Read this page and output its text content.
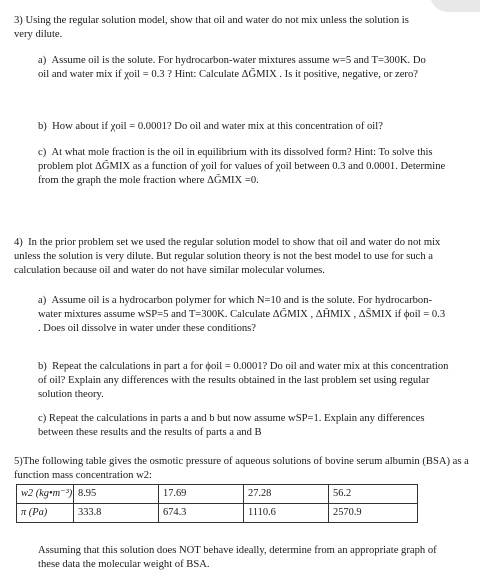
3) Using the regular solution model, show that oil and water do not mix unless the solution is very dilute.
a)  Assume oil is the solute. For hydrocarbon-water mixtures assume w=5 and T=300K. Do oil and water mix if χoil = 0.3 ? Hint: Calculate ΔG̃MIX . Is it positive, negative, or zero?
b)  How about if χoil = 0.0001? Do oil and water mix at this concentration of oil?
c)  At what mole fraction is the oil in equilibrium with its dissolved form? Hint: To solve this problem plot ΔG̃MIX as a function of χoil for values of χoil between 0.3 and 0.0001. Determine from the graph the mole fraction where ΔG̃MIX =0.
4)  In the prior problem set we used the regular solution model to show that oil and water do not mix unless the solution is very dilute. But regular solution theory is not the best model to use for such a calculation because oil and water do not have similar molecular volumes.
a)  Assume oil is a hydrocarbon polymer for which N=10 and is the solute. For hydrocarbon-water mixtures assume wSP=5 and T=300K. Calculate ΔG̃MIX , ΔH̃MIX , ΔS̃MIX if ϕoil = 0.3 . Does oil dissolve in water under these conditions?
b)  Repeat the calculations in part a for ϕoil = 0.0001? Do oil and water mix at this concentration of oil? Explain any differences with the results obtained in the last problem set using regular solution theory.
c) Repeat the calculations in parts a and b but now assume wSP=1. Explain any differences between these results and the results of parts a and B
5)The following table gives the osmotic pressure of aqueous solutions of bovine serum albumin (BSA) as a function mass concentration w2:
w2 (kg•m⁻³)	8.95	17.69	27.28	56.2
π (Pa)	333.8	674.3	1110.6	2570.9
Assuming that this solution does NOT behave ideally, determine from an appropriate graph of these data the molecular weight of BSA.
